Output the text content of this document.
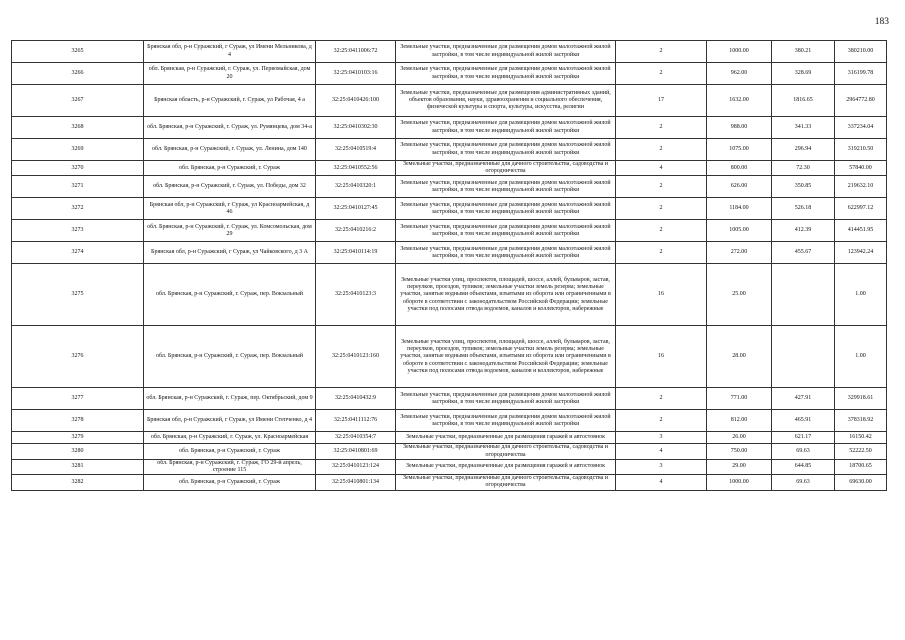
183
3265	Брянская обл, р-н Суражский, г Сураж, ул Имени Мельникова, д 4	32:25:0411006:72	Земельные участки, предназначенные для размещения домов малоэтажной жилой застройки, в том числе индивидуальной жилой застройки	2	1000.00	380.21	380210.00
3266	обл. Брянская, р-н Суражский, г. Сураж, ул. Первомайская, дом 20	32:25:0410103:16	Земельные участки, предназначенные для размещения домов малоэтажной жилой застройки, в том числе индивидуальной жилой застройки	2	962.00	328.69	316199.78
3267	Брянская область, р-н Суражский, г. Сураж, ул Рабочая, 4 а	32:25:0410426:100	Земельные участки, предназначенные для размещения административных зданий, объектов образования, науки, здравоохранения и социального обеспечения, физической культуры и спорта, культуры, искусства, религии	17	1632.00	1816.65	2964772.80
3268	обл. Брянская, р-н Суражский, г. Сураж, ул. Румянцева, дом 34-а	32:25:0410302:30	Земельные участки, предназначенные для размещения домов малоэтажной жилой застройки, в том числе индивидуальной жилой застройки	2	988.00	341.33	337234.04
3269	обл. Брянская, р-н Суражский, г. Сураж, ул. Ленина, дом 140	32:25:0410519:4	Земельные участки, предназначенные для размещения домов малоэтажной жилой застройки, в том числе индивидуальной жилой застройки	2	1075.00	296.94	319210.50
3270	обл. Брянская, р-н Суражский, г. Сураж	32:25:0410552:56	Земельные участки, предназначенные для дачного строительства, садоводства и огородничества	4	800.00	72.30	57840.00
3271	обл. Брянская, р-н Суражский, г. Сураж, ул. Победы, дом 32	32:25:0410320:1	Земельные участки, предназначенные для размещения домов малоэтажной жилой застройки, в том числе индивидуальной жилой застройки	2	626.00	350.85	219632.10
3272	Брянская обл, р-н Суражский, г Сураж, ул Красноармейская, д 46	32:25:0410127:45	Земельные участки, предназначенные для размещения домов малоэтажной жилой застройки, в том числе индивидуальной жилой застройки	2	1184.00	526.18	622997.12
3273	обл. Брянская, р-н Суражский, г. Сураж, ул. Комсомольская, дом 29	32:25:0410216:2	Земельные участки, предназначенные для размещения домов малоэтажной жилой застройки, в том числе индивидуальной жилой застройки	2	1005.00	412.39	414451.95
3274	Брянская обл, р-н Суражский, г Сураж, ул Чайковского, д 3 А	32:25:0410114:19	Земельные участки, предназначенные для размещения домов малоэтажной жилой застройки, в том числе индивидуальной жилой застройки	2	272.00	455.67	123942.24
3275	обл. Брянская, р-н Суражский, г. Сураж, пер. Вокзальный	32:25:0410123:3	Земельные участки улиц, проспектов, площадей, шоссе, аллей, бульваров, застав, переулков, проездов, тупиков; земельные участки земель резерва; земельные участки, занятые водными объектами, изъятыми из оборота или ограниченными в обороте в соответствии с законодательством Российской Федерации; земельные участки под полосами отвода водоемов, каналов и коллекторов, набережные	16	25.00		1.00
3276	обл. Брянская, р-н Суражский, г. Сураж, пер. Вокзальный	32:25:0410123:160	Земельные участки улиц, проспектов, площадей, шоссе, аллей, бульваров, застав, переулков, проездов, тупиков; земельные участки земель резерва; земельные участки, занятые водными объектами, изъятыми из оборота или ограниченными в обороте в соответствии с законодательством Российской Федерации; земельные участки под полосами отвода водоемов, каналов и коллекторов, набережные	16	28.00		1.00
3277	обл. Брянская, р-н Суражский, г. Сураж, пер. Октябрьский, дом 9	32:25:0410432:9	Земельные участки, предназначенные для размещения домов малоэтажной жилой застройки, в том числе индивидуальной жилой застройки	2	771.00	427.91	329918.61
3278	Брянская обл, р-н Суражский, г Сураж, ул Имени Степченко, д 4	32:25:0411112:76	Земельные участки, предназначенные для размещения домов малоэтажной жилой застройки, в том числе индивидуальной жилой застройки	2	812.00	465.91	378318.92
3279	обл. Брянская, р-н Суражский, г. Сураж, ул. Красноармейская	32:25:0410354:7	Земельные участки, предназначенные для размещения гаражей и автостоянок	3	26.00	621.17	16150.42
3280	обл. Брянская, р-н Суражский, г. Сураж	32:25:0410801:69	Земельные участки, предназначенные для дачного строительства, садоводства и огородничества	4	750.00	69.63	52222.50
3281	обл. Брянская, р-н Суражский, г. Сураж, ГО 29-й апрель, строение 115	32:25:0410123:124	Земельные участки, предназначенные для размещения гаражей и автостоянок	3	29.00	644.85	18700.65
3282	обл. Брянская, р-н Суражский, г. Сураж	32:25:0410801:134	Земельные участки, предназначенные для дачного строительства, садоводства и огородничества	4	1000.00	69.63	69630.00
